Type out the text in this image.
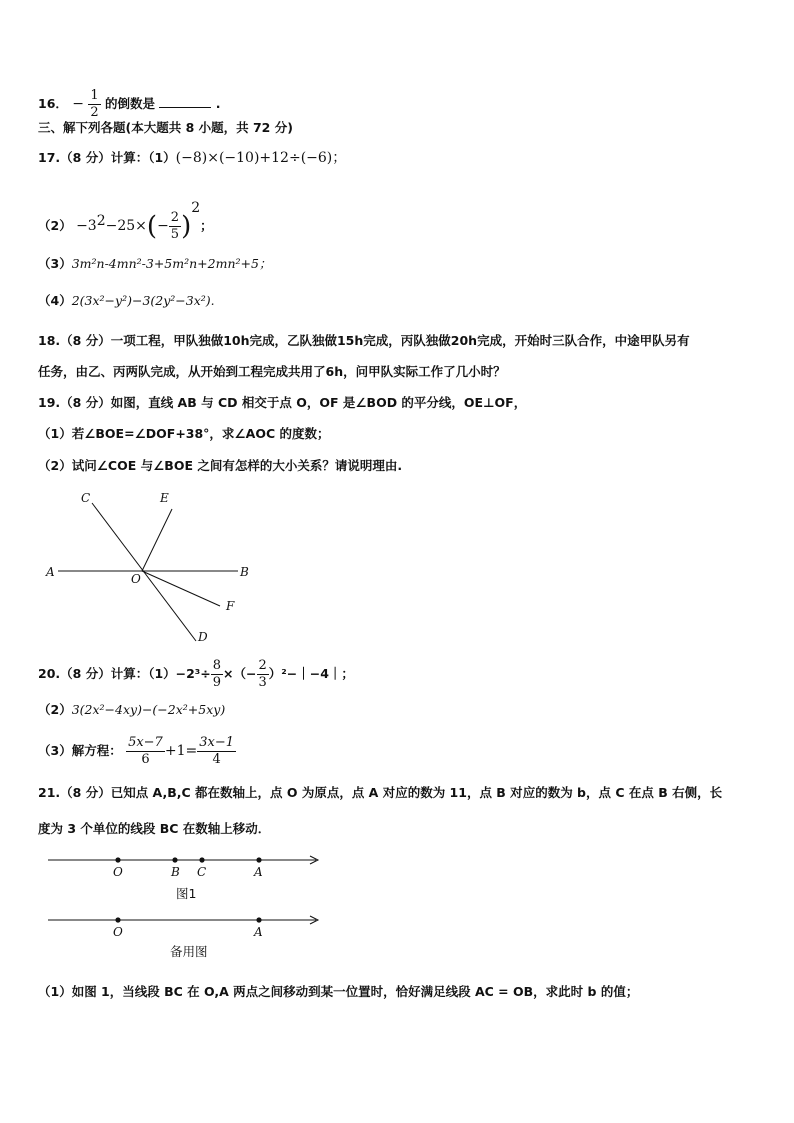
16． − $\frac{1}{2}$ 的倒数是	.
三、解下列各题(本大题共 8 小题，共 72 分)
17.（8 分）计算：（1）(−8)×(−10)+12÷(−6)；
$(2) -3^2-25\times(- \frac{2}{5} )^2$；
（3）3m²n-4mn²-3+5m²n+2mn²+5；
（4）2(3x²−y²)−3(2y²−3x²).
18.（8 分）一项工程，甲队独做10h完成，乙队独做15h完成，丙队独做20h完成，开始时三队合作，中途甲队另有
任务，由乙、丙两队完成，从开始到工程完成共用了6h，问甲队实际工作了几小时？
19.（8 分）如图，直线 AB 与 CD 相交于点 O，OF 是∠BOD 的平分线，OE⊥OF，
（1）若∠BOE=∠DOF+38°，求∠AOC 的度数；
（2）试问∠COE 与∠BOE 之间有怎样的大小关系？请说明理由.
C	E
A	B
O
F
D
20.（8 分）计算：$(1)-2^3\div \frac{8}{9}$ ×（− $\frac{2}{3}$ ）²−｜−4｜；
（2）3(2x²−4xy)−(−2x²+5xy)
（3）解方程： $\frac{5x-7}{6} +1= \frac{3x-1}{4}$
21.（8 分）已知点 A,B,C 都在数轴上，点 O 为原点，点 A 对应的数为 11，点 B 对应的数为 b，点 C 在点 B 右侧，长
度为 3 个单位的线段 BC 在数轴上移动．
O	B C	A
图1
O	A
备用图
（1）如图 1，当线段 BC 在 O,A 两点之间移动到某一位置时，恰好满足线段 AC = OB，求此时 b 的值；
